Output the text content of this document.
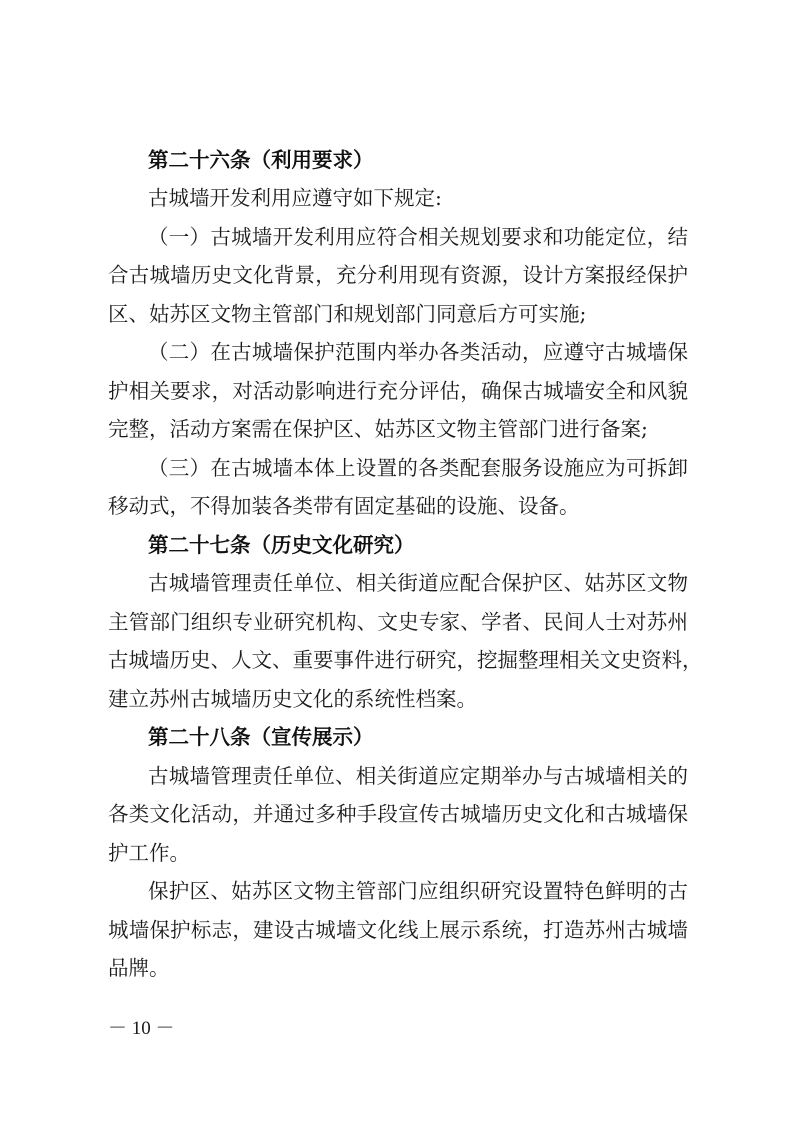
第二十六条（利用要求）
古城墙开发利用应遵守如下规定:
（一）古城墙开发利用应符合相关规划要求和功能定位，结
合古城墙历史文化背景，充分利用现有资源，设计方案报经保护
区、姑苏区文物主管部门和规划部门同意后方可实施;
（二）在古城墙保护范围内举办各类活动，应遵守古城墙保
护相关要求，对活动影响进行充分评估，确保古城墙安全和风貌
完整，活动方案需在保护区、姑苏区文物主管部门进行备案;
（三）在古城墙本体上设置的各类配套服务设施应为可拆卸
移动式，不得加装各类带有固定基础的设施、设备。
第二十七条（历史文化研究）
古城墙管理责任单位、相关街道应配合保护区、姑苏区文物
主管部门组织专业研究机构、文史专家、学者、民间人士对苏州
古城墙历史、人文、重要事件进行研究，挖掘整理相关文史资料，
建立苏州古城墙历史文化的系统性档案。
第二十八条（宣传展示）
古城墙管理责任单位、相关街道应定期举办与古城墙相关的
各类文化活动，并通过多种手段宣传古城墙历史文化和古城墙保
护工作。
保护区、姑苏区文物主管部门应组织研究设置特色鲜明的古
城墙保护标志，建设古城墙文化线上展示系统，打造苏州古城墙
品牌。
－ 10 －
